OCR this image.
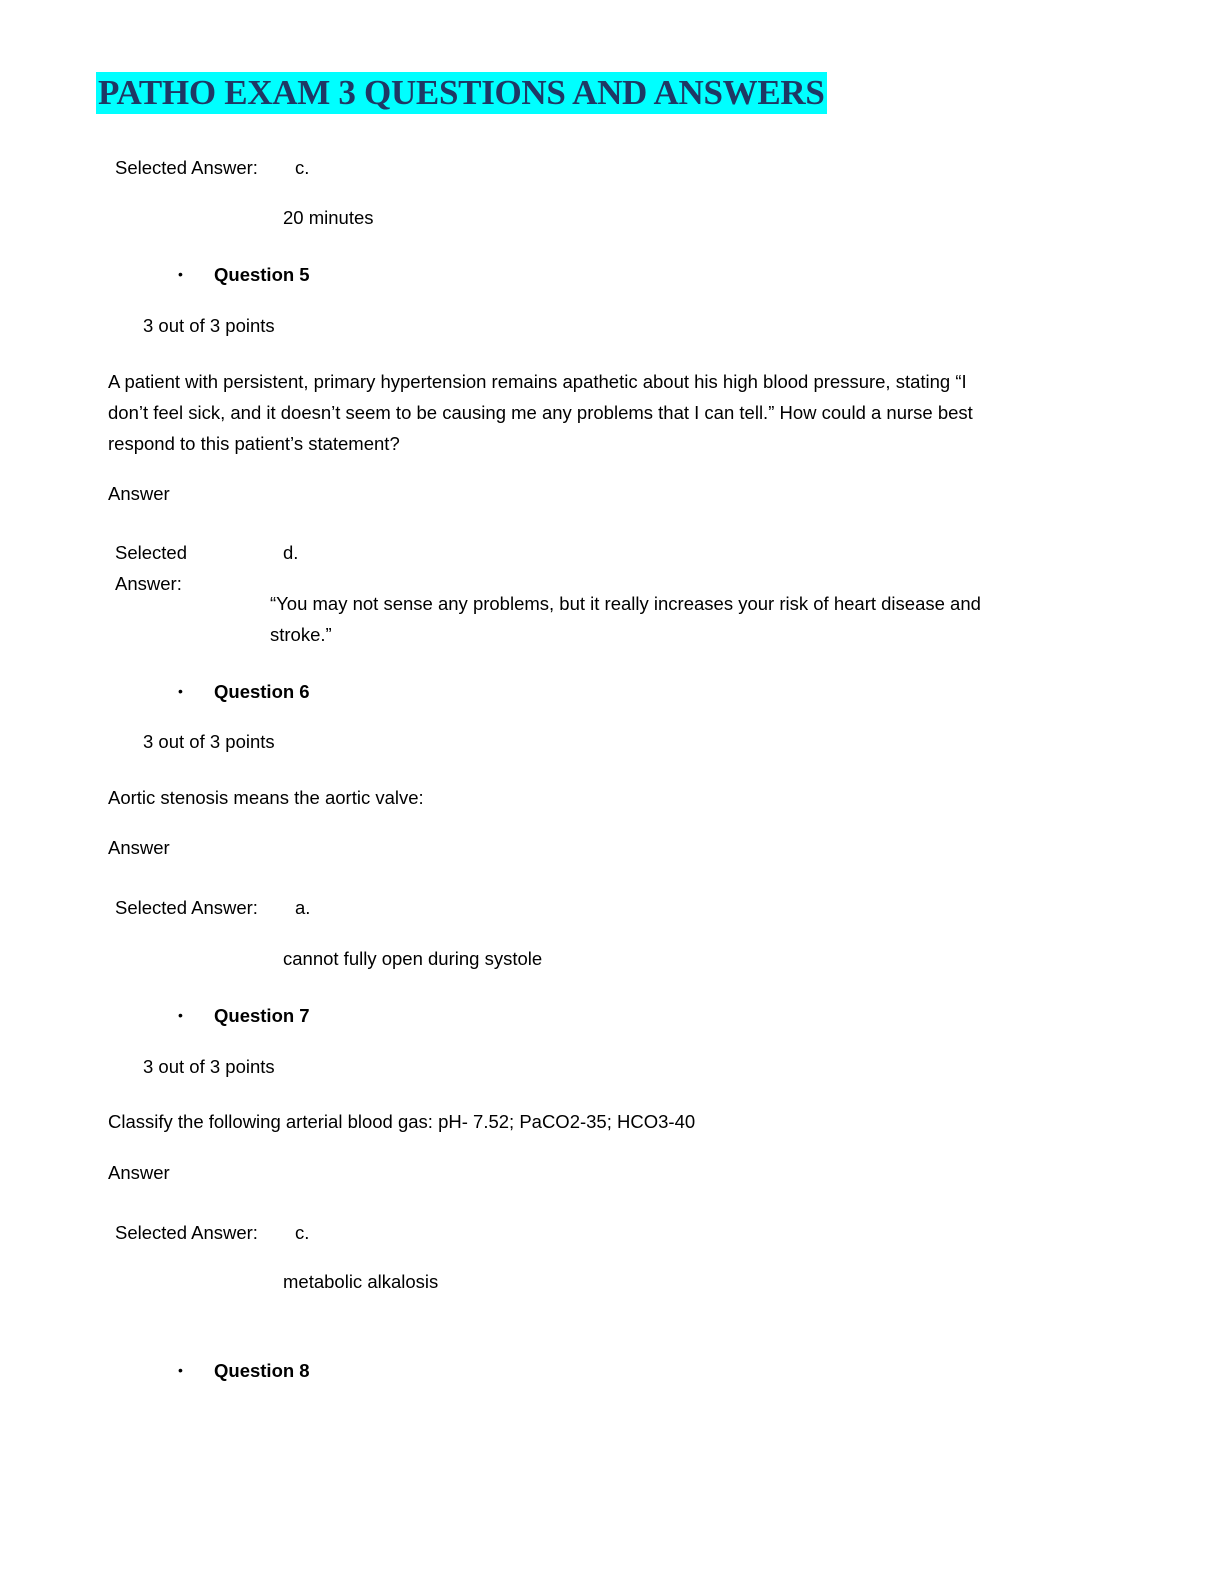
PATHO EXAM 3 QUESTIONS AND ANSWERS
Selected Answer: c.
20 minutes
• Question 5
3 out of 3 points
A patient with persistent, primary hypertension remains apathetic about his high blood pressure, stating “I don’t feel sick, and it doesn’t seem to be causing me any problems that I can tell.” How could a nurse best respond to this patient’s statement?
Answer
Selected
Answer:
d.
“You may not sense any problems, but it really increases your risk of heart disease and stroke.”
• Question 6
3 out of 3 points
Aortic stenosis means the aortic valve:
Answer
Selected Answer: a.
cannot fully open during systole
• Question 7
3 out of 3 points
Classify the following arterial blood gas: pH- 7.52; PaCO2-35; HCO3-40
Answer
Selected Answer: c.
metabolic alkalosis
• Question 8
